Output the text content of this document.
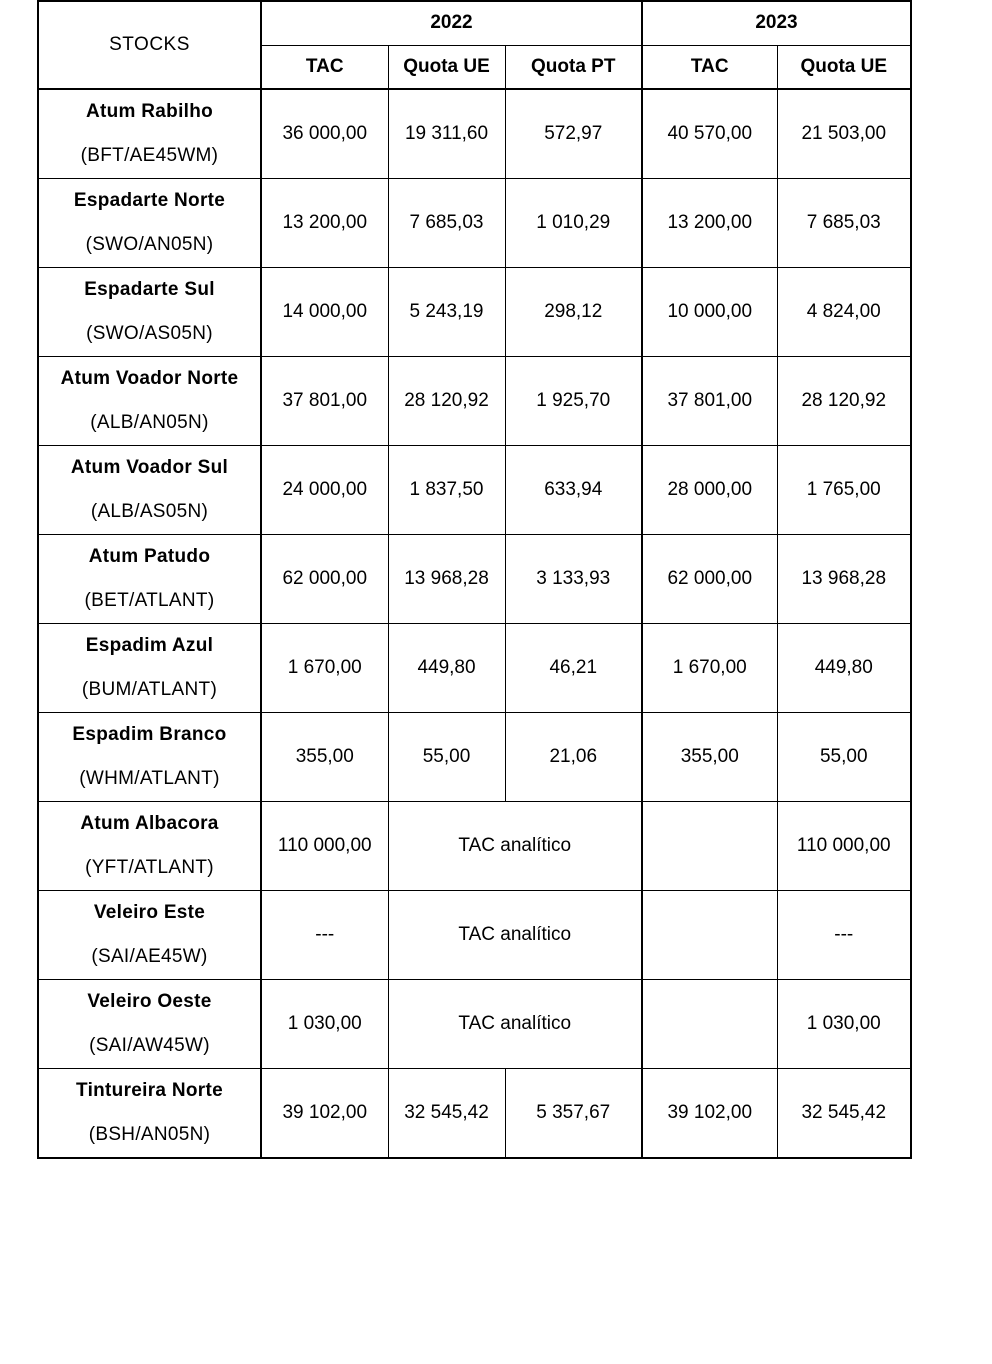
STOCKS	2022			2023	
	TAC	Quota UE	Quota PT	TAC	Quota UE

Atum Rabilho
(BFT/AE45WM)	36 000,00	19 311,60	572,97	40 570,00	21 503,00

Espadarte Norte
(SWO/AN05N)	13 200,00	7 685,03	1 010,29	13 200,00	7 685,03

Espadarte Sul
(SWO/AS05N)	14 000,00	5 243,19	298,12	10 000,00	4 824,00

Atum Voador Norte
(ALB/AN05N)	37 801,00	28 120,92	1 925,70	37 801,00	28 120,92

Atum Voador Sul
(ALB/AS05N)	24 000,00	1 837,50	633,94	28 000,00	1 765,00

Atum Patudo
(BET/ATLANT)	62 000,00	13 968,28	3 133,93	62 000,00	13 968,28

Espadim Azul
(BUM/ATLANT)	1 670,00	449,80	46,21	1 670,00	449,80

Espadim Branco
(WHM/ATLANT)	355,00	55,00	21,06	355,00	55,00

Atum Albacora
(YFT/ATLANT)	110 000,00	TAC analítico			110 000,00

Veleiro Este
(SAI/AE45W)	---	TAC analítico			---

Veleiro Oeste
(SAI/AW45W)	1 030,00	TAC analítico			1 030,00

Tintureira Norte
(BSH/AN05N)	39 102,00	32 545,42	5 357,67	39 102,00	32 545,42
